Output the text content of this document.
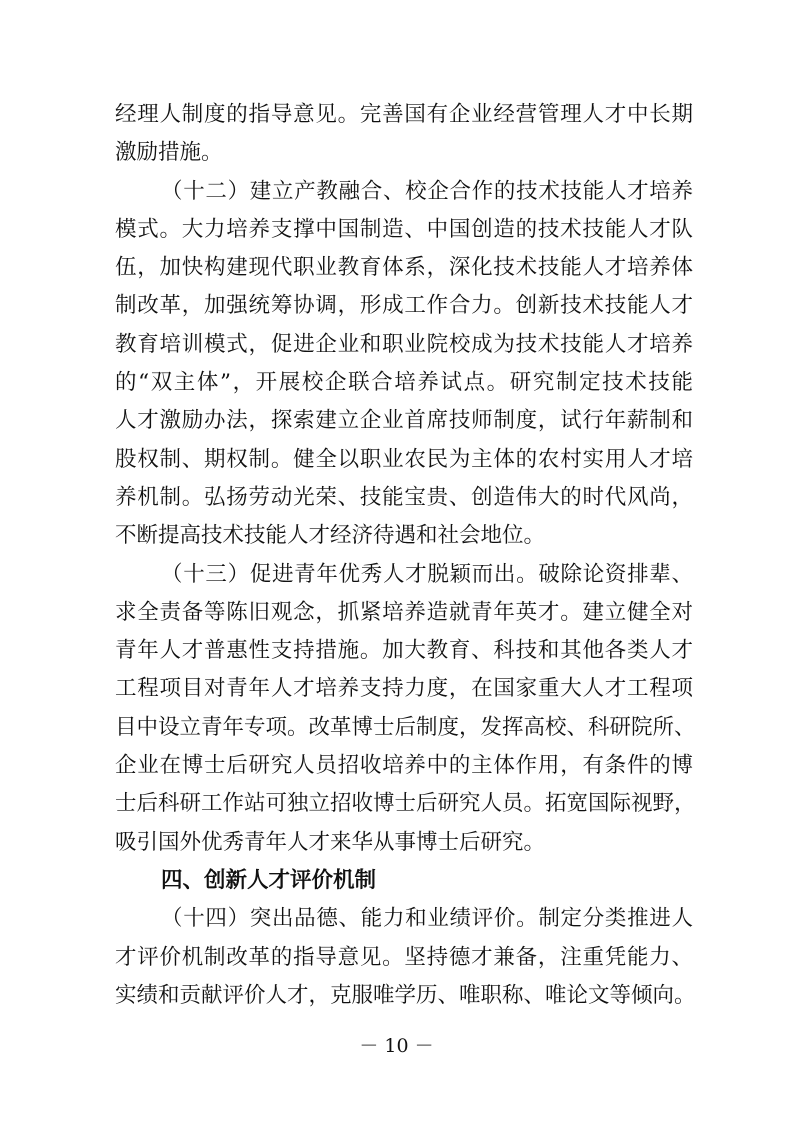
经理人制度的指导意见。完善国有企业经营管理人才中长期
激励措施。
（十二）建立产教融合、校企合作的技术技能人才培养
模式。大力培养支撑中国制造、中国创造的技术技能人才队
伍，加快构建现代职业教育体系，深化技术技能人才培养体
制改革，加强统筹协调，形成工作合力。创新技术技能人才
教育培训模式，促进企业和职业院校成为技术技能人才培养
的“双主体”，开展校企联合培养试点。研究制定技术技能
人才激励办法，探索建立企业首席技师制度，试行年薪制和
股权制、期权制。健全以职业农民为主体的农村实用人才培
养机制。弘扬劳动光荣、技能宝贵、创造伟大的时代风尚，
不断提高技术技能人才经济待遇和社会地位。
（十三）促进青年优秀人才脱颖而出。破除论资排辈、
求全责备等陈旧观念，抓紧培养造就青年英才。建立健全对
青年人才普惠性支持措施。加大教育、科技和其他各类人才
工程项目对青年人才培养支持力度，在国家重大人才工程项
目中设立青年专项。改革博士后制度，发挥高校、科研院所、
企业在博士后研究人员招收培养中的主体作用，有条件的博
士后科研工作站可独立招收博士后研究人员。拓宽国际视野，
吸引国外优秀青年人才来华从事博士后研究。
四、创新人才评价机制
（十四）突出品德、能力和业绩评价。制定分类推进人
才评价机制改革的指导意见。坚持德才兼备，注重凭能力、
实绩和贡献评价人才，克服唯学历、唯职称、唯论文等倾向。
－ 10 －
